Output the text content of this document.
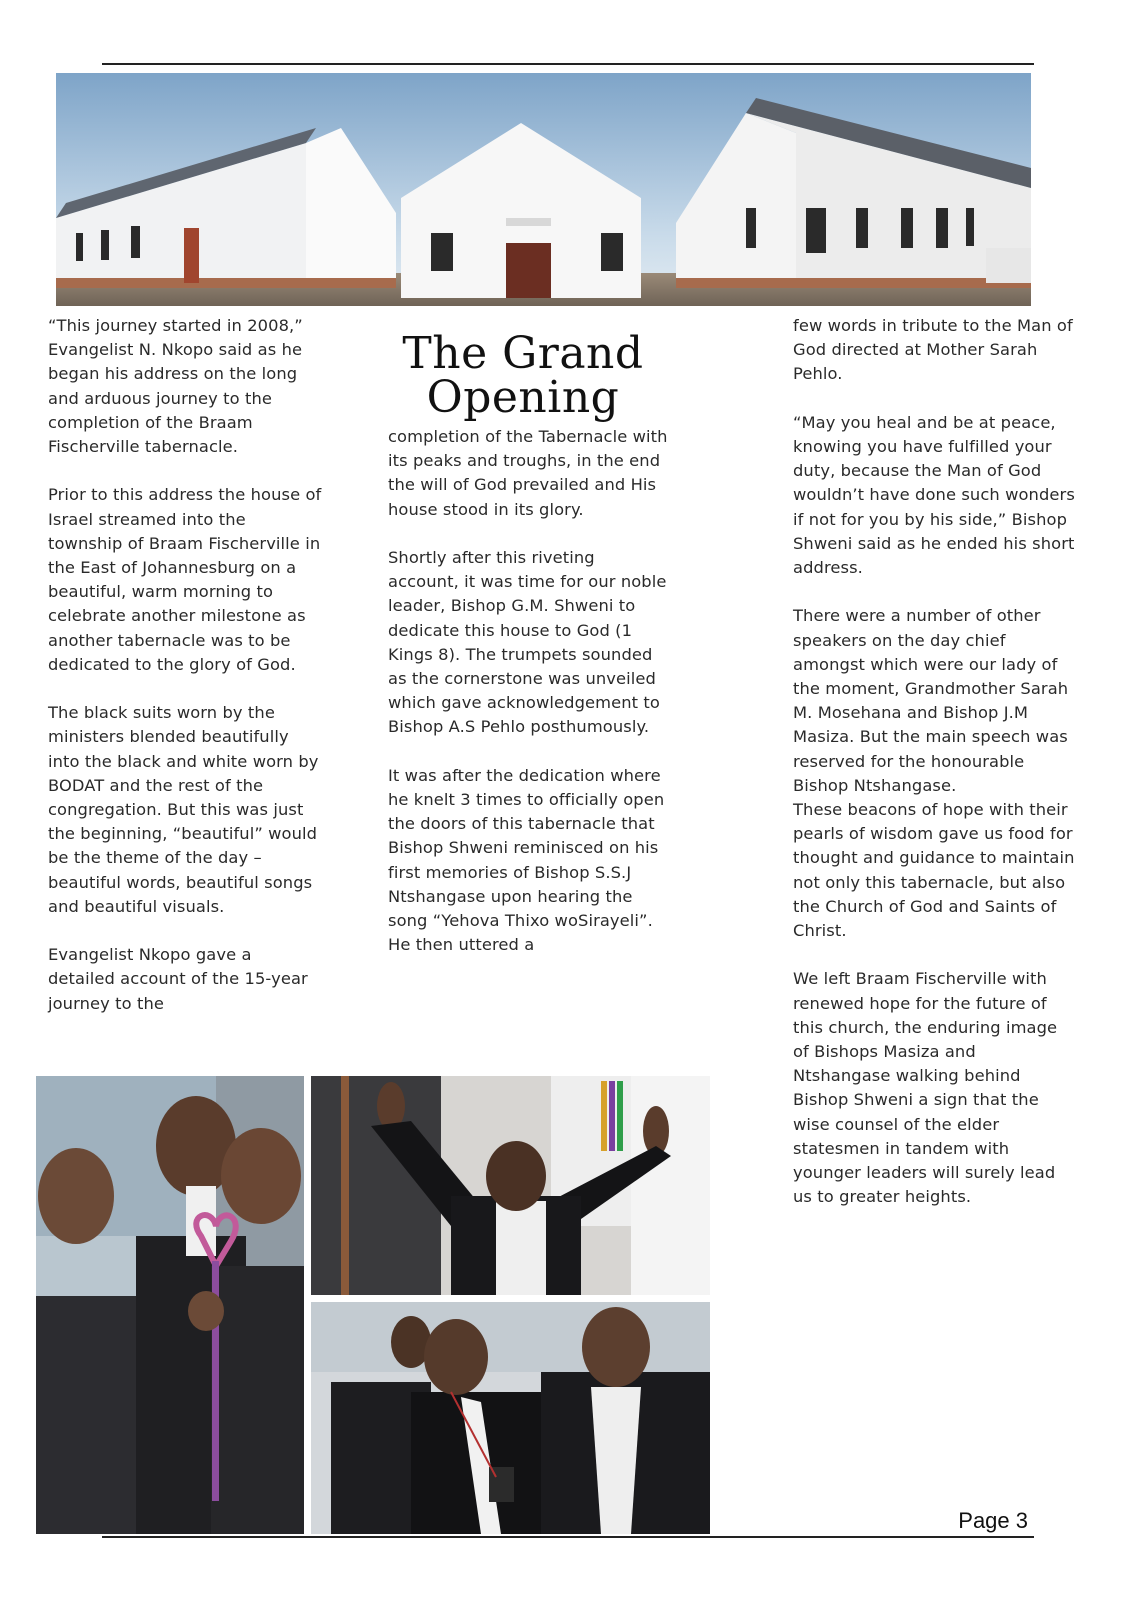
“This journey started in 2008,” Evangelist N. Nkopo said as he began his address on the long and arduous journey to the completion of the Braam Fischerville tabernacle.

Prior to this address the house of Israel streamed into the township of Braam Fischerville in the East of Johannesburg on a beautiful, warm morning to celebrate another milestone as another tabernacle was to be dedicated to the glory of God.

The black suits worn by the ministers blended beautifully into the black and white worn by BODAT and the rest of the congregation. But this was just the beginning, “beautiful” would be the theme of the day – beautiful words, beautiful songs and beautiful visuals.

Evangelist Nkopo gave a detailed account of the 15-year journey to the

The Grand Opening

completion of the Tabernacle with its peaks and troughs, in the end the will of God prevailed and His house stood in its glory.

Shortly after this riveting account, it was time for our noble leader, Bishop G.M. Shweni to dedicate this house to God (1 Kings 8). The trumpets sounded as the cornerstone was unveiled which gave acknowledgement to Bishop A.S Pehlo posthumously.

It was after the dedication where he knelt 3 times to officially open the doors of this tabernacle that Bishop Shweni reminisced on his first memories of Bishop S.S.J Ntshangase upon hearing the song “Yehova Thixo woSirayeli”. He then uttered a

few words in tribute to the Man of God directed at Mother Sarah Pehlo.

“May you heal and be at peace, knowing you have fulfilled your duty, because the Man of God wouldn’t have done such wonders if not for you by his side,” Bishop Shweni said as he ended his short address.

There were a number of other speakers on the day chief amongst which were our lady of the moment, Grandmother Sarah M. Mosehana and Bishop J.M Masiza. But the main speech was reserved for the honourable Bishop Ntshangase.
These beacons of hope with their pearls of wisdom gave us food for thought and guidance to maintain not only this tabernacle, but also the Church of God and Saints of Christ.

We left Braam Fischerville with renewed hope for the future of this church, the enduring image of Bishops Masiza and Ntshangase walking behind Bishop Shweni a sign that the wise counsel of the elder statesmen in tandem with younger leaders will surely lead us to greater heights.

Page 3
